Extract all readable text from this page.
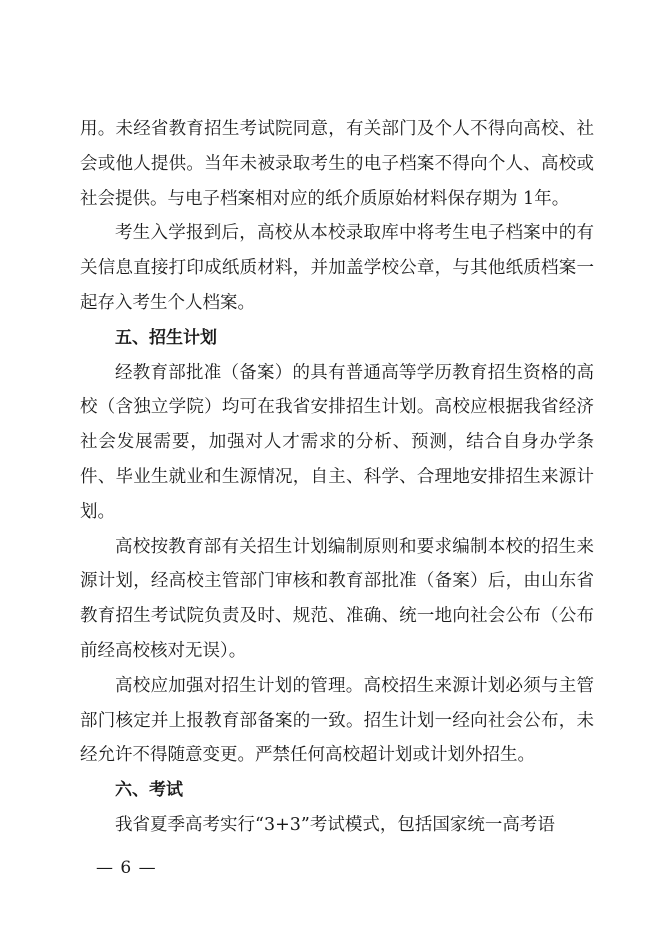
用。未经省教育招生考试院同意，有关部门及个人不得向高校、社会或他人提供。当年未被录取考生的电子档案不得向个人、高校或社会提供。与电子档案相对应的纸介质原始材料保存期为 1年。

考生入学报到后，高校从本校录取库中将考生电子档案中的有关信息直接打印成纸质材料，并加盖学校公章，与其他纸质档案一起存入考生个人档案。

五、招生计划

经教育部批准（备案）的具有普通高等学历教育招生资格的高校（含独立学院）均可在我省安排招生计划。高校应根据我省经济社会发展需要，加强对人才需求的分析、预测，结合自身办学条件、毕业生就业和生源情况，自主、科学、合理地安排招生来源计划。

高校按教育部有关招生计划编制原则和要求编制本校的招生来源计划，经高校主管部门审核和教育部批准（备案）后，由山东省教育招生考试院负责及时、规范、准确、统一地向社会公布（公布前经高校核对无误）。

高校应加强对招生计划的管理。高校招生来源计划必须与主管部门核定并上报教育部备案的一致。招生计划一经向社会公布，未经允许不得随意变更。严禁任何高校超计划或计划外招生。

六、考试

我省夏季高考实行“3+3”考试模式，包括国家统一高考语

— 6 —
